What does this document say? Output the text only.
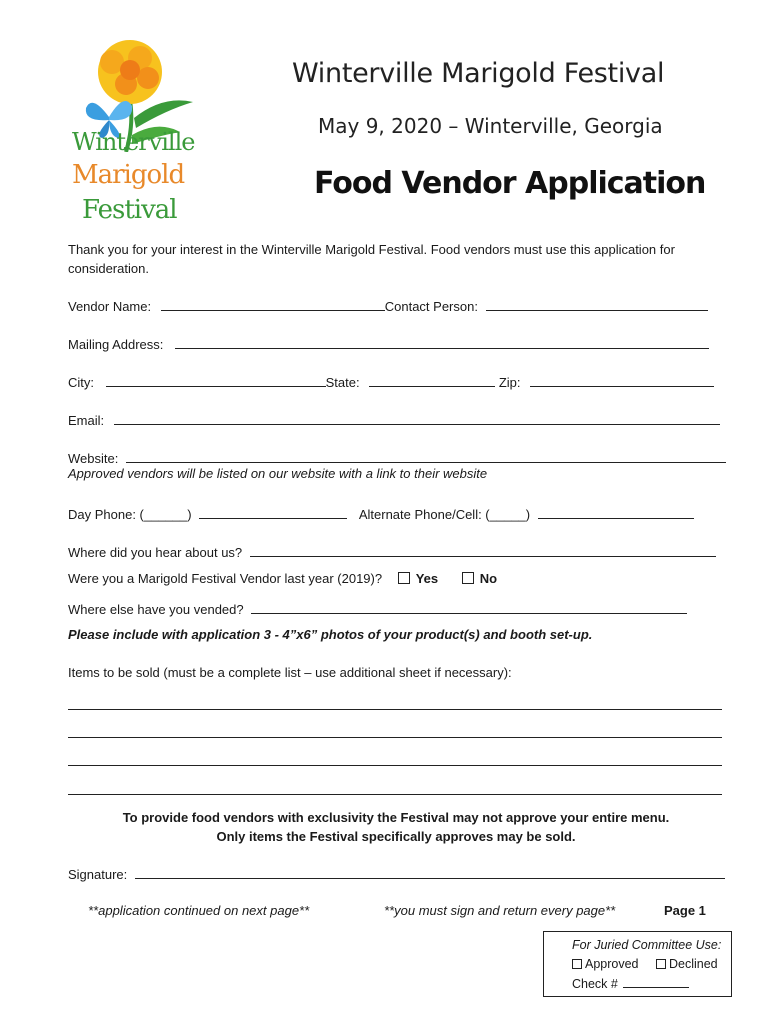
Winterville
Marigold
Festival
Winterville Marigold Festival
May 9, 2020 – Winterville, Georgia
Food Vendor Application
Thank you for your interest in the Winterville Marigold Festival. Food vendors must use this application for
consideration.
Vendor Name:	Contact Person:
Mailing Address:
City:	State:	Zip:
Email:
Website:
Approved vendors will be listed on our website with a link to their website
Day Phone: (______)	Alternate Phone/Cell: (_____)
Where did you hear about us?
Were you a Marigold Festival Vendor last year (2019)?	Yes	No
Where else have you vended?
Please include with application 3 - 4”x6” photos of your product(s) and booth set-up.
Items to be sold (must be a complete list – use additional sheet if necessary):
To provide food vendors with exclusivity the Festival may not approve your entire menu.
Only items the Festival specifically approves may be sold.
Signature:
**application continued on next page**	**you must sign and return every page**	Page 1
For Juried Committee Use:
Approved Declined
Check #
